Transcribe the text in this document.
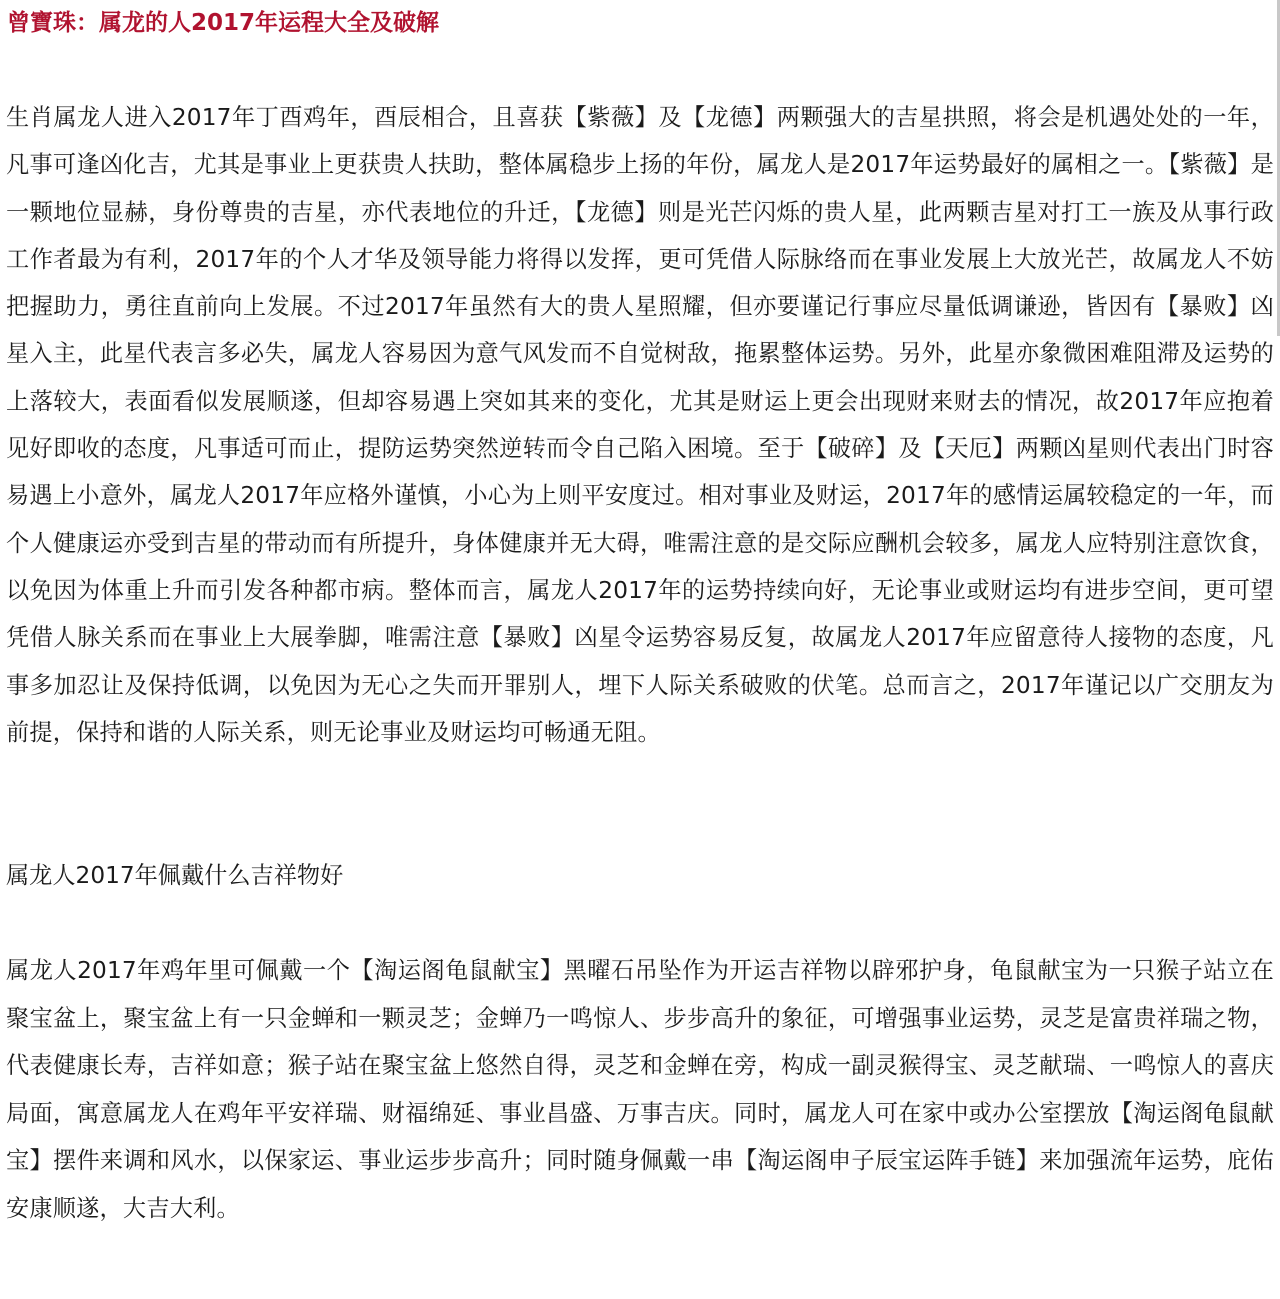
曾寶珠：属龙的人2017年运程大全及破解

生肖属龙人进入2017年丁酉鸡年，酉辰相合，且喜获【紫薇】及【龙德】两颗强大的吉星拱照，将会是机遇处处的一年，凡事可逢凶化吉，尤其是事业上更获贵人扶助，整体属稳步上扬的年份，属龙人是2017年运势最好的属相之一。【紫薇】是一颗地位显赫，身份尊贵的吉星，亦代表地位的升迁，【龙德】则是光芒闪烁的贵人星，此两颗吉星对打工一族及从事行政工作者最为有利，2017年的个人才华及领导能力将得以发挥，更可凭借人际脉络而在事业发展上大放光芒，故属龙人不妨把握助力，勇往直前向上发展。不过2017年虽然有大的贵人星照耀，但亦要谨记行事应尽量低调谦逊，皆因有【暴败】凶星入主，此星代表言多必失，属龙人容易因为意气风发而不自觉树敌，拖累整体运势。另外，此星亦象微困难阻滞及运势的上落较大，表面看似发展顺遂，但却容易遇上突如其来的变化，尤其是财运上更会出现财来财去的情况，故2017年应抱着见好即收的态度，凡事适可而止，提防运势突然逆转而令自己陷入困境。至于【破碎】及【天厄】两颗凶星则代表出门时容易遇上小意外，属龙人2017年应格外谨慎，小心为上则平安度过。相对事业及财运，2017年的感情运属较稳定的一年，而个人健康运亦受到吉星的带动而有所提升，身体健康并无大碍，唯需注意的是交际应酬机会较多，属龙人应特别注意饮食，以免因为体重上升而引发各种都市病。整体而言，属龙人2017年的运势持续向好，无论事业或财运均有进步空间，更可望凭借人脉关系而在事业上大展拳脚，唯需注意【暴败】凶星令运势容易反复，故属龙人2017年应留意待人接物的态度，凡事多加忍让及保持低调，以免因为无心之失而开罪别人，埋下人际关系破败的伏笔。总而言之，2017年谨记以广交朋友为前提，保持和谐的人际关系，则无论事业及财运均可畅通无阻。

属龙人2017年佩戴什么吉祥物好

属龙人2017年鸡年里可佩戴一个【淘运阁龟鼠献宝】黑曜石吊坠作为开运吉祥物以辟邪护身，龟鼠献宝为一只猴子站立在聚宝盆上，聚宝盆上有一只金蝉和一颗灵芝；金蝉乃一鸣惊人、步步高升的象征，可增强事业运势，灵芝是富贵祥瑞之物，代表健康长寿，吉祥如意；猴子站在聚宝盆上悠然自得，灵芝和金蝉在旁，构成一副灵猴得宝、灵芝献瑞、一鸣惊人的喜庆局面，寓意属龙人在鸡年平安祥瑞、财福绵延、事业昌盛、万事吉庆。同时，属龙人可在家中或办公室摆放【淘运阁龟鼠献宝】摆件来调和风水，以保家运、事业运步步高升；同时随身佩戴一串【淘运阁申子辰宝运阵手链】来加强流年运势，庇佑安康顺遂，大吉大利。
